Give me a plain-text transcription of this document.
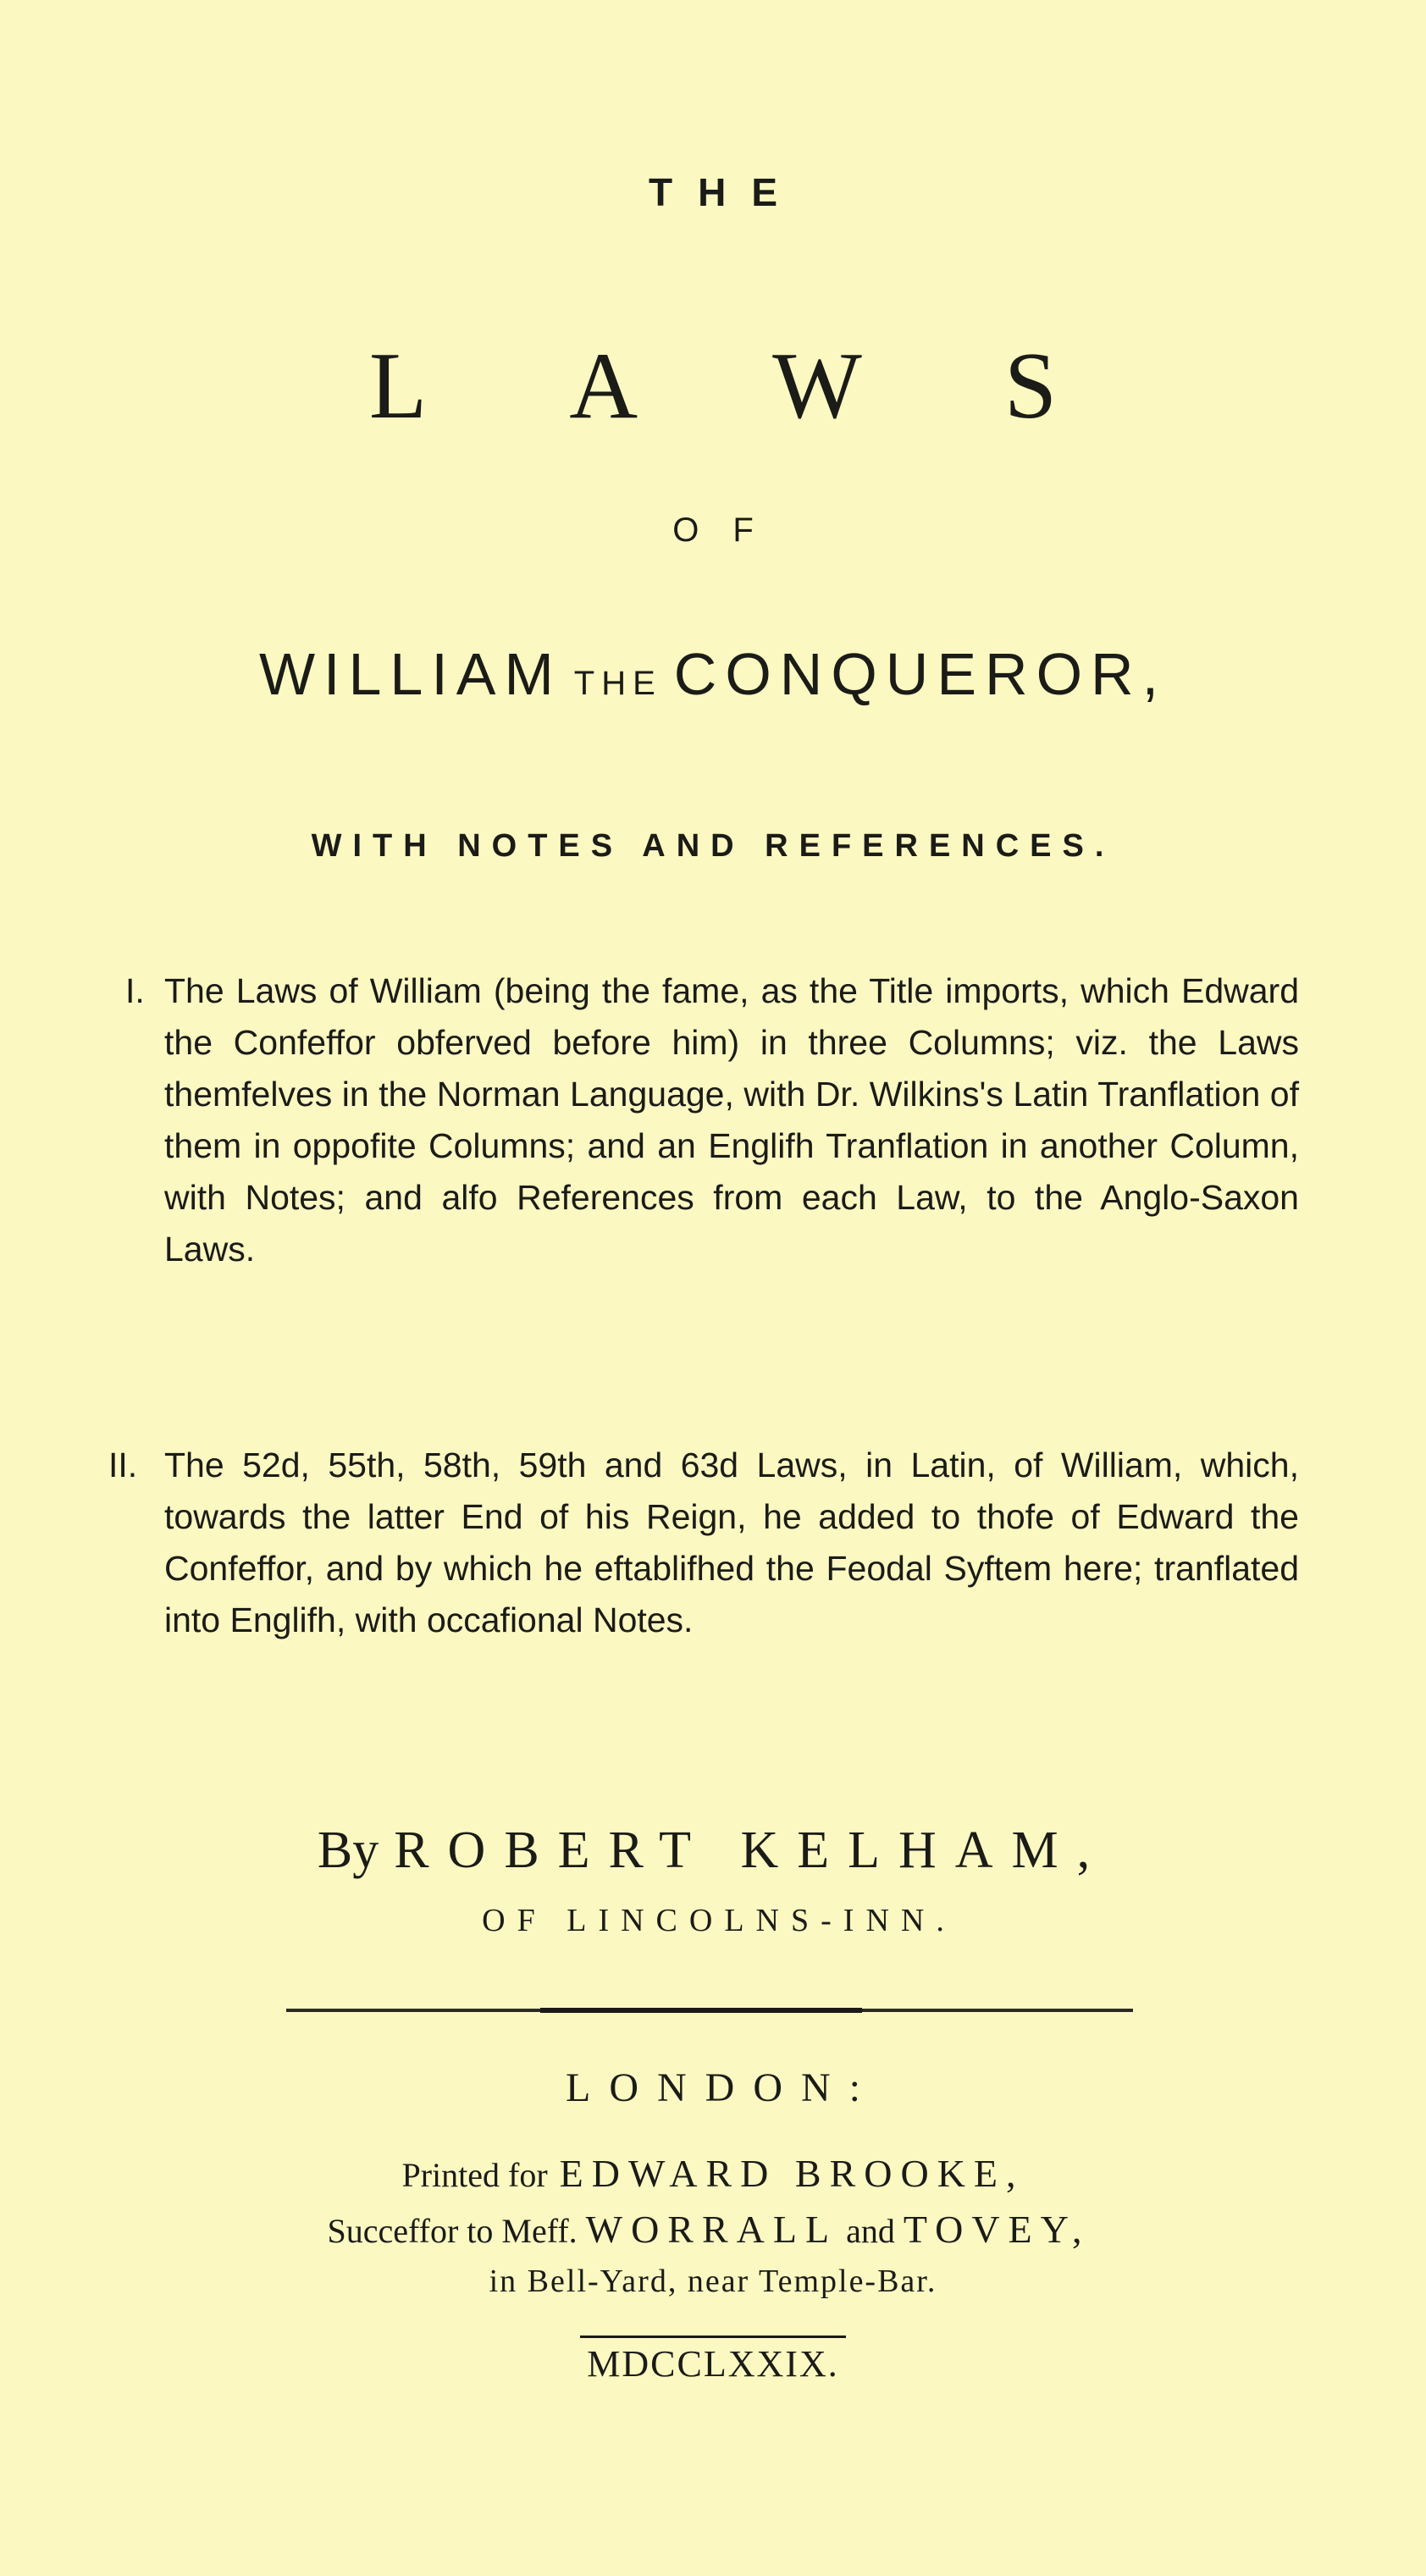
THE
LAWS
OF
WILLIAM THE CONQUEROR,
WITH NOTES AND REFERENCES.
I. The Laws of William (being the fame, as the Title imports, which Edward the Confeffor obferved before him) in three Columns; viz. the Laws themfelves in the Norman Language, with Dr. Wilkins's Latin Tranflation of them in oppofite Columns; and an Englifh Tranflation in another Column, with Notes; and alfo References from each Law, to the Anglo-Saxon Laws.
II. The 52d, 55th, 58th, 59th and 63d Laws, in Latin, of William, which, towards the latter End of his Reign, he added to thofe of Edward the Confeffor, and by which he eftablifhed the Feodal Syftem here; tranflated into Englifh, with occafional Notes.
By ROBERT KELHAM,
OF LINCOLNS-INN.
LONDON:
Printed for EDWARD BROOKE,
Succeffor to Meff. WORRALL and TOVEY,
in Bell-Yard, near Temple-Bar.
MDCCLXXIX.
